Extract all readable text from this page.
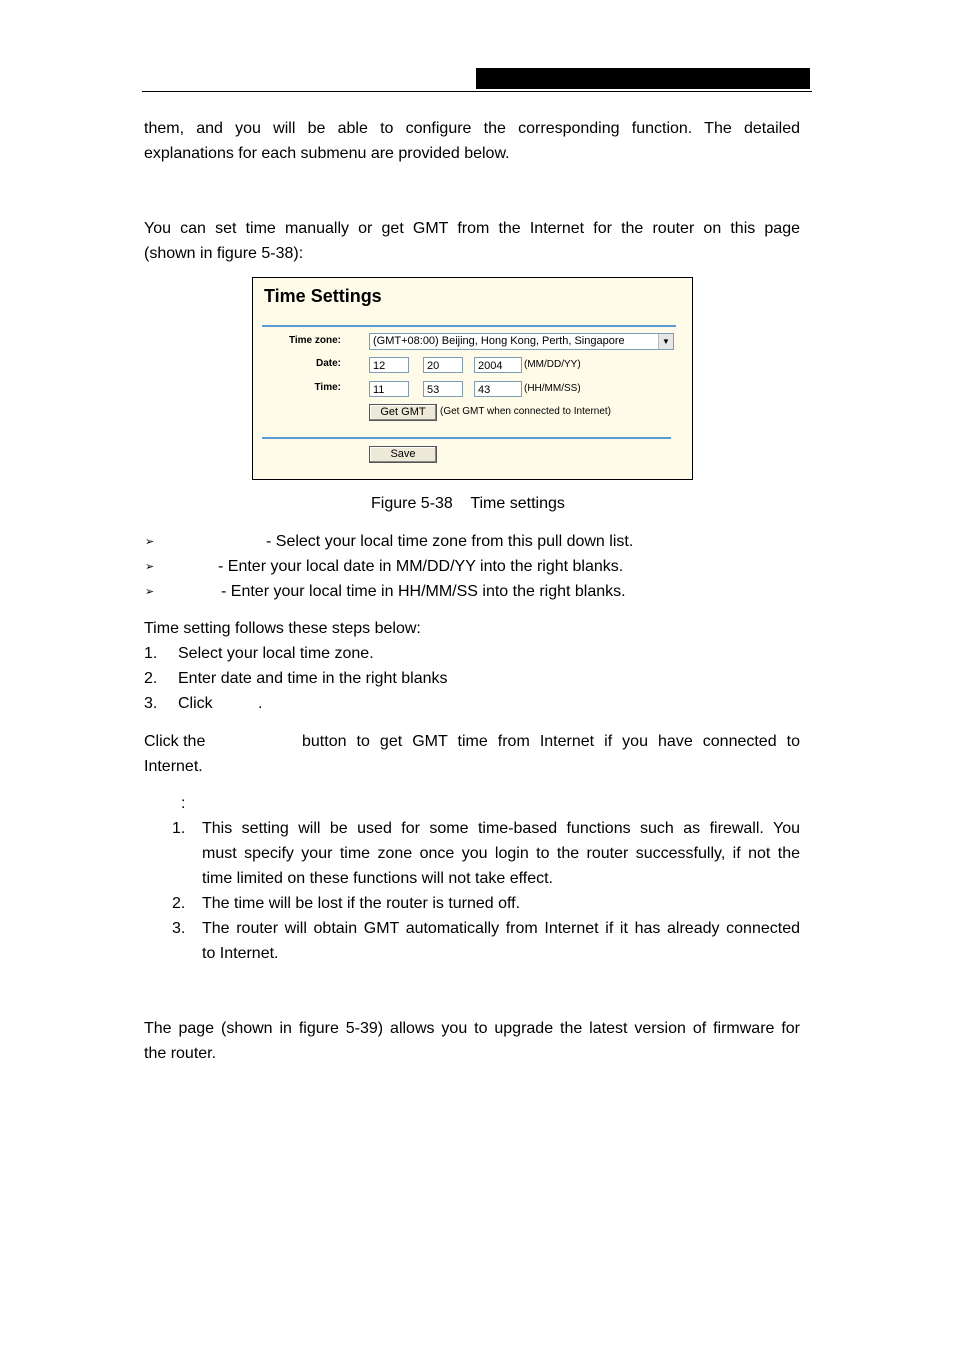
them, and you will be able to configure the corresponding function. The detailed
explanations for each submenu are provided below.
You can set time manually or get GMT from the Internet for the router on this page
(shown in figure 5-38):
Time Settings
Time zone:	(GMT+08:00) Beijing, Hong Kong, Perth, Singapore	▼
Date:	12	20	2004	(MM/DD/YY)
Time:	11	53	43	(HH/MM/SS)
Get GMT	(Get GMT when connected to Internet)
Save
Figure 5-38    Time settings
➢	- Select your local time zone from this pull down list.
➢	- Enter your local date in MM/DD/YY into the right blanks.
➢	- Enter your local time in HH/MM/SS into the right blanks.
Time setting follows these steps below:
1. Select your local time zone.
2. Enter date and time in the right blanks
3. Click	.
Click the	button to get GMT time from Internet if you have connected to
Internet.
:
1. This setting will be used for some time-based functions such as firewall. You
must specify your time zone once you login to the router successfully, if not the
time limited on these functions will not take effect.
2. The time will be lost if the router is turned off.
3. The router will obtain GMT automatically from Internet if it has already connected
to Internet.
The page (shown in figure 5-39) allows you to upgrade the latest version of firmware for
the router.
